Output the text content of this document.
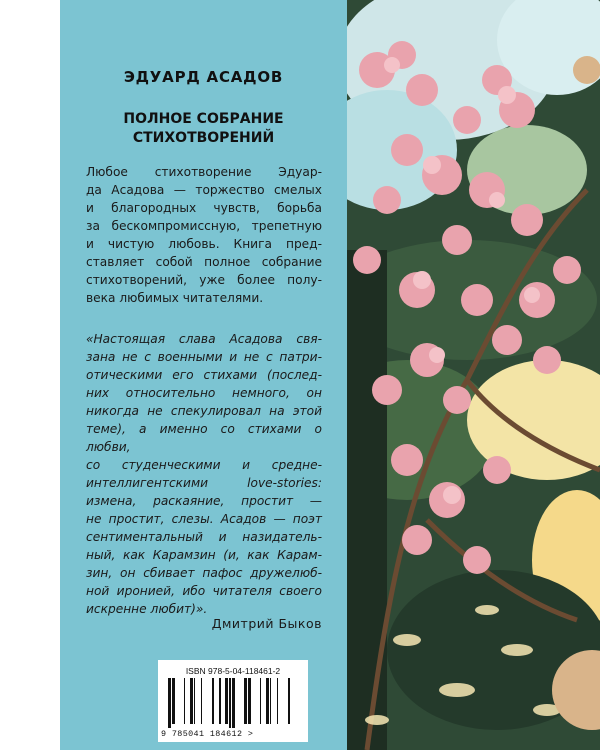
ЭДУАРД АСАДОВ
ПОЛНОЕ СОБРАНИЕ
СТИХОТВОРЕНИЙ

Любое стихотворение Эдуар-
да Асадова — торжество смелых
и благородных чувств, борьба
за бескомпромиссную, трепетную
и чистую любовь. Книга пред-
ставляет собой полное собрание
стихотворений, уже более полу-
века любимых читателями.

«Настоящая слава Асадова свя-
зана не с военными и не с патри-
отическими его стихами (послед-
них относительно немного, он
никогда не спекулировал на этой
теме), а именно со стихами о любви,
со студенческими и средне-
интеллигентскими love-stories:
измена, раскаяние, простит —
не простит, слезы. Асадов — поэт
сентиментальный и назидатель-
ный, как Карамзин (и, как Карам-
зин, он сбивает пафос дружелюб-
ной иронией, ибо читателя своего
искренне любит)».

Дмитрий Быков

ISBN 978-5-04-118461-2

9 785041 184612 >
